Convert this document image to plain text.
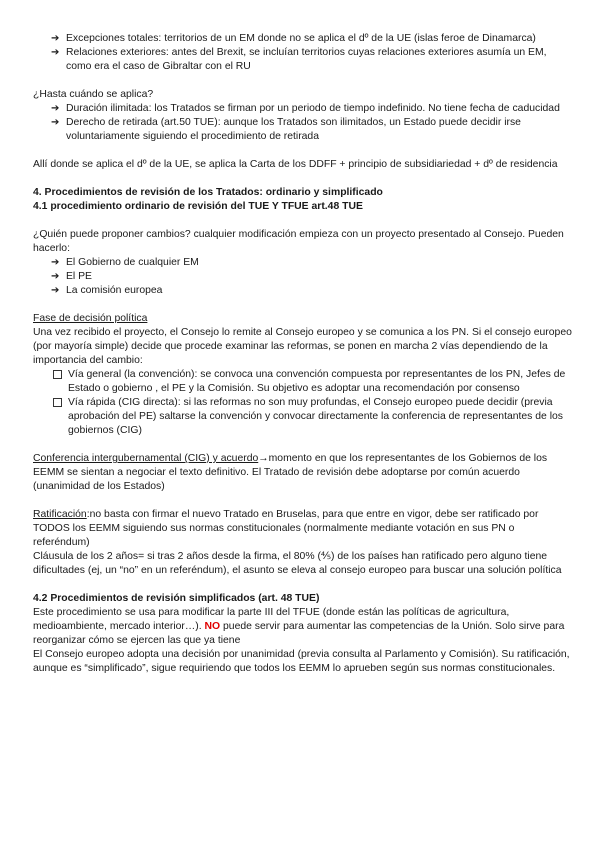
➔ Excepciones totales: territorios de un EM donde no se aplica el dº de la UE (islas feroe de Dinamarca)
➔ Relaciones exteriores: antes del Brexit, se incluían territorios cuyas relaciones exteriores asumía un EM, como era el caso de Gibraltar con el RU

¿Hasta cuándo se aplica?

➔ Duración ilimitada: los Tratados se firman por un periodo de tiempo indefinido. No tiene fecha de caducidad
➔ Derecho de retirada (art.50 TUE): aunque los Tratados son ilimitados, un Estado puede decidir irse voluntariamente siguiendo el procedimiento de retirada

Allí donde se aplica el dº de la UE, se aplica la Carta de los DDFF + principio de subsidiariedad + dº de residencia

4. Procedimientos de revisión de los Tratados: ordinario y simplificado

4.1 procedimiento ordinario de revisión del TUE Y TFUE art.48 TUE

¿Quién puede proponer cambios? cualquier modificación empieza con un proyecto presentado al Consejo. Pueden hacerlo:

➔ El Gobierno de cualquier EM
➔ El PE
➔ La comisión europea

Fase de decisión política

Una vez recibido el proyecto, el Consejo lo remite al Consejo europeo y se comunica a los PN. Si el consejo europeo (por mayoría simple) decide que procede examinar las reformas, se ponen en marcha 2 vías dependiendo de la importancia del cambio:

Vía general (la convención): se convoca una convención compuesta por representantes de los PN, Jefes de Estado o gobierno , el PE y la Comisión. Su objetivo es adoptar una recomendación por consenso
Vía rápida (CIG directa): si las reformas no son muy profundas, el Consejo europeo puede decidir (previa aprobación del PE) saltarse la convención y convocar directamente la conferencia de representantes de los gobiernos (CIG)

Conferencia intergubernamental (CIG) y acuerdo→momento en que los representantes de los Gobiernos de los EEMM se sientan a negociar el texto definitivo. El Tratado de revisión debe adoptarse por común acuerdo (unanimidad de los Estados)

Ratificación:no basta con firmar el nuevo Tratado en Bruselas, para que entre en vigor, debe ser ratificado por TODOS los EEMM siguiendo sus normas constitucionales (normalmente mediante votación en sus PN o referéndum)

Cláusula de los 2 años= si tras 2 años desde la firma, el 80% (⅘) de los países han ratificado pero alguno tiene dificultades (ej, un “no” en un referéndum), el asunto se eleva al consejo europeo para buscar una solución política

4.2 Procedimientos de revisión simplificados (art. 48 TUE)

Este procedimiento se usa para modificar la parte III del TFUE (donde están las políticas de agricultura, medioambiente, mercado interior…). NO puede servir para aumentar las competencias de la Unión. Solo sirve para reorganizar cómo se ejercen las que ya tiene

El Consejo europeo adopta una decisión por unanimidad (previa consulta al Parlamento y Comisión). Su ratificación, aunque es “simplificado”, sigue requiriendo que todos los EEMM lo aprueben según sus normas constitucionales.
